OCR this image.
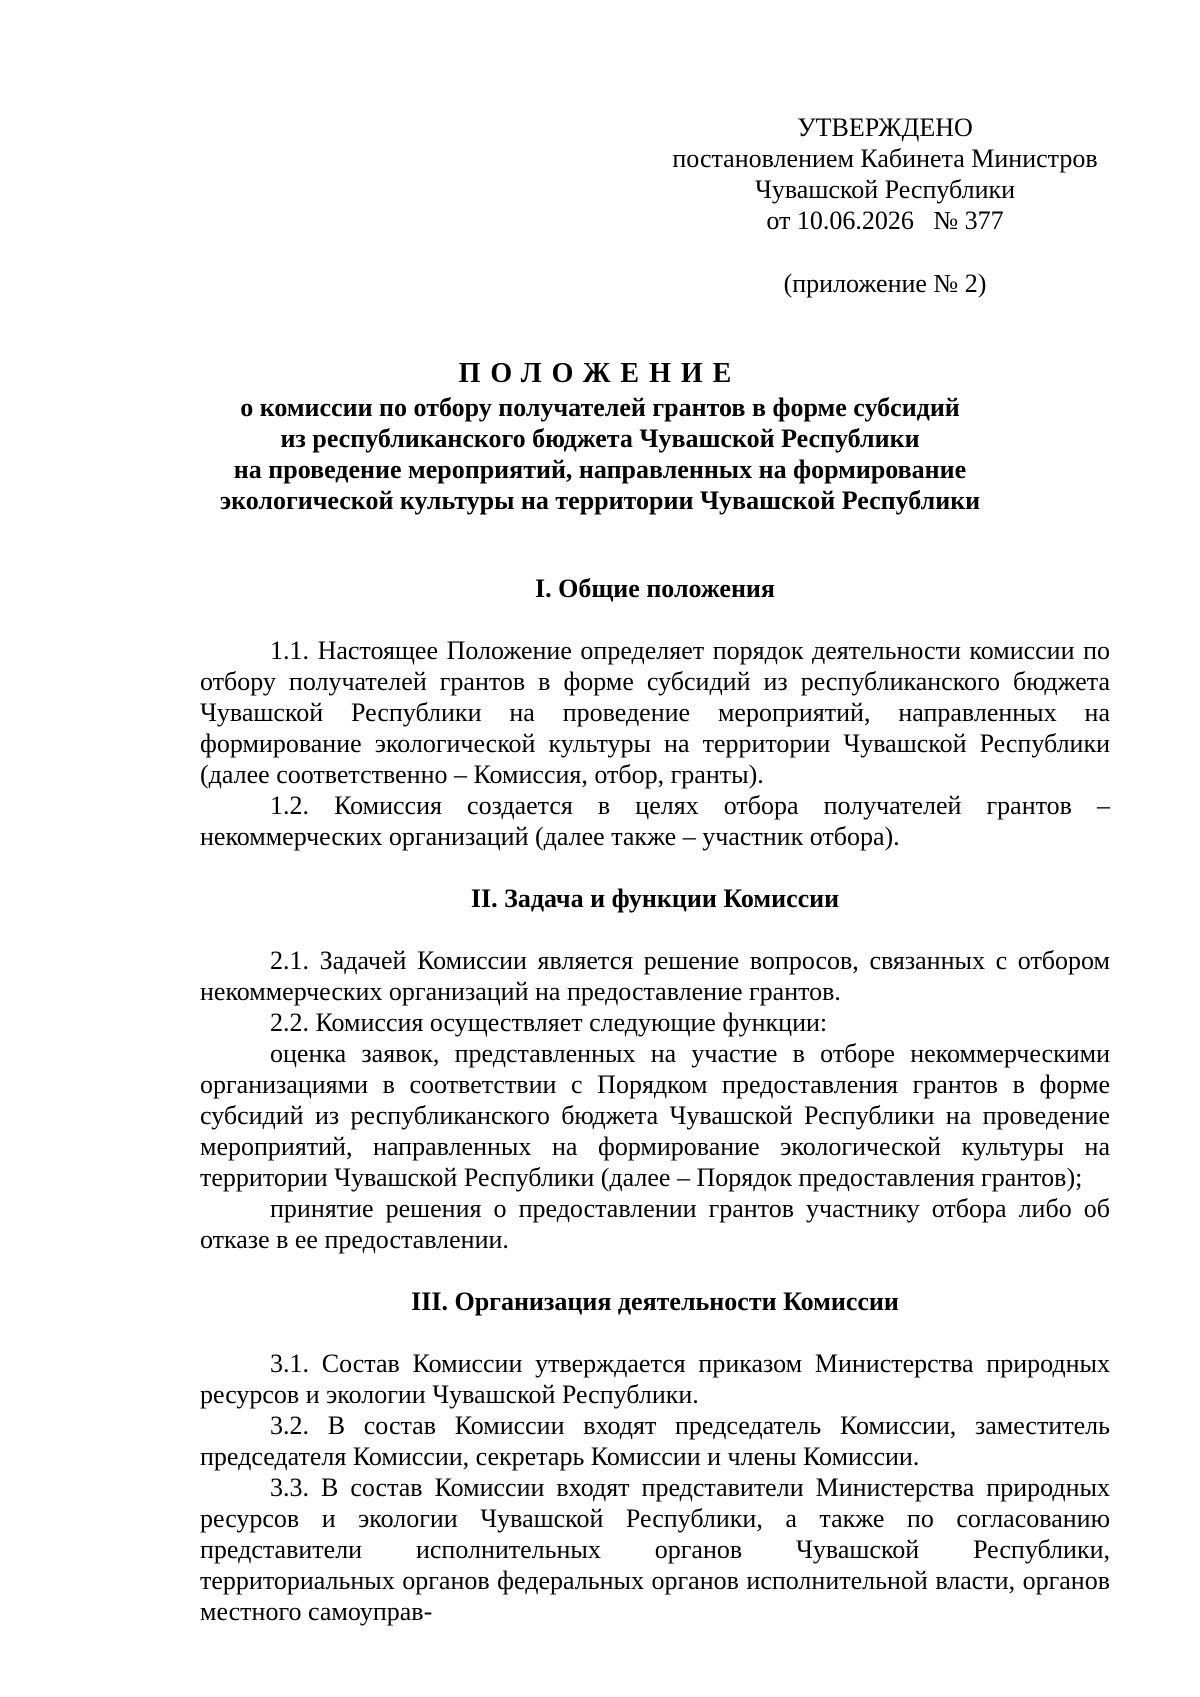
УТВЕРЖДЕНО
постановлением Кабинета Министров
Чувашской Республики
от 10.06.2026   № 377
(приложение № 2)
ПОЛОЖЕНИЕ
о комиссии по отбору получателей грантов в форме субсидий
из республиканского бюджета Чувашской Республики
на проведение мероприятий, направленных на формирование
экологической культуры на территории Чувашской Республики

I. Общие положения

1.1. Настоящее Положение определяет порядок деятельности комиссии по отбору получателей грантов в форме субсидий из республиканского бюджета Чувашской Республики на проведение мероприятий, направленных на формирование экологической культуры на территории Чувашской Республики (далее соответственно – Комиссия, отбор, гранты).

1.2. Комиссия создается в целях отбора получателей грантов – некоммерческих организаций (далее также – участник отбора).

II. Задача и функции Комиссии

2.1. Задачей Комиссии является решение вопросов, связанных с отбором некоммерческих организаций на предоставление грантов.

2.2. Комиссия осуществляет следующие функции:

оценка заявок, представленных на участие в отборе некоммерческими организациями в соответствии с Порядком предоставления грантов в форме субсидий из республиканского бюджета Чувашской Республики на проведение мероприятий, направленных на формирование экологической культуры на территории Чувашской Республики (далее – Порядок предоставления грантов);

принятие решения о предоставлении грантов участнику отбора либо об отказе в ее предоставлении.

III. Организация деятельности Комиссии

3.1. Состав Комиссии утверждается приказом Министерства природных ресурсов и экологии Чувашской Республики.

3.2. В состав Комиссии входят председатель Комиссии, заместитель председателя Комиссии, секретарь Комиссии и члены Комиссии.

3.3. В состав Комиссии входят представители Министерства природных ресурсов и экологии Чувашской Республики, а также по согласованию представители исполнительных органов Чувашской Республики, территориальных органов федеральных органов исполнительной власти, органов местного самоуправ-
